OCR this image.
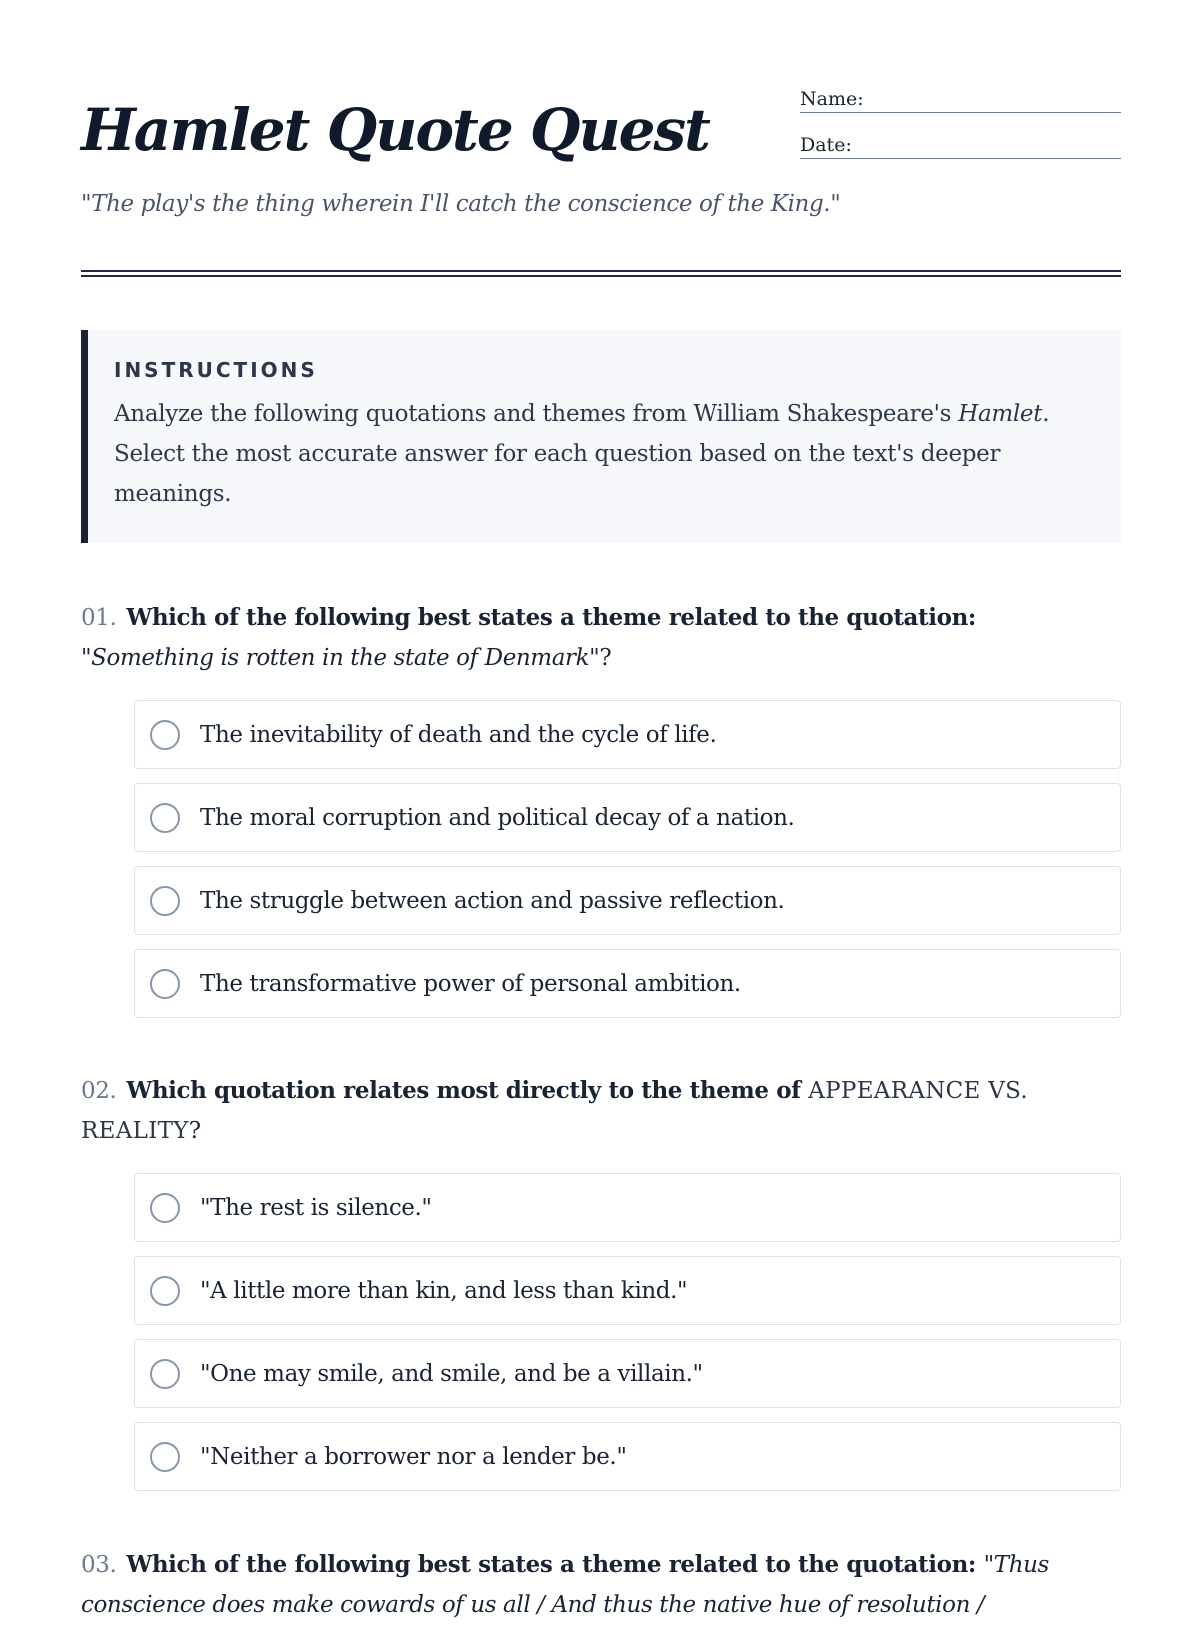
Hamlet Quote Quest	Name:
Date:

"The play's the thing wherein I'll catch the conscience of the King."

INSTRUCTIONS

Analyze the following quotations and themes from William Shakespeare's Hamlet. Select the most accurate answer for each question based on the text's deeper meanings.

01. Which of the following best states a theme related to the quotation:
"Something is rotten in the state of Denmark"?

The inevitability of death and the cycle of life.
The moral corruption and political decay of a nation.
The struggle between action and passive reflection.
The transformative power of personal ambition.

02. Which quotation relates most directly to the theme of APPEARANCE VS. REALITY?

"The rest is silence."
"A little more than kin, and less than kind."
"One may smile, and smile, and be a villain."
"Neither a borrower nor a lender be."

03. Which of the following best states a theme related to the quotation: "Thus conscience does make cowards of us all / And thus the native hue of resolution /
